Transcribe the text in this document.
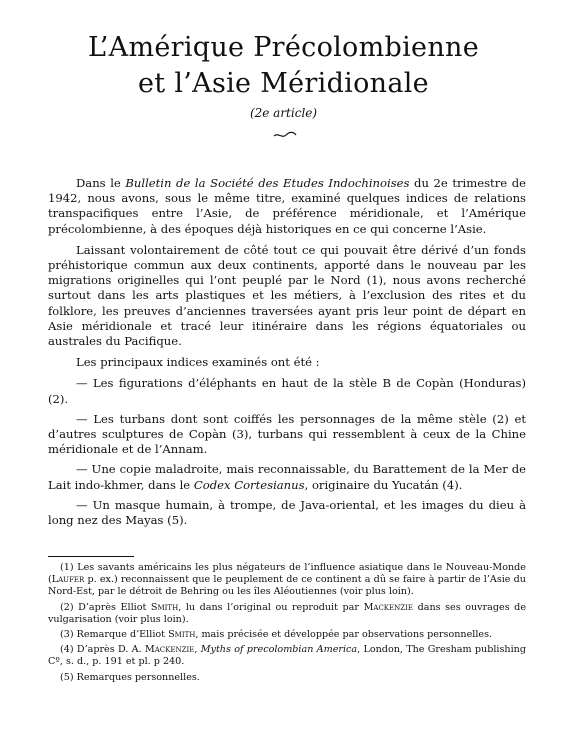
L’Amérique Précolombienne
et l’Asie Méridionale
(2e article)

Dans le Bulletin de la Société des Etudes Indochinoises du 2e trimestre de 1942, nous avons, sous le même titre, examiné quelques indices de relations transpacifiques entre l’Asie, de préférence méridionale, et l’Amérique précolombienne, à des époques déjà historiques en ce qui concerne l’Asie.

Laissant volontairement de côté tout ce qui pouvait être dérivé d’un fonds préhistorique commun aux deux continents, apporté dans le nouveau par les migrations originelles qui l’ont peuplé par le Nord (1), nous avons recherché surtout dans les arts plastiques et les métiers, à l’exclusion des rites et du folklore, les preuves d’anciennes traversées ayant pris leur point de départ en Asie méridionale et tracé leur itinéraire dans les régions équatoriales ou australes du Pacifique.

Les principaux indices examinés ont été :

— Les figurations d’éléphants en haut de la stèle B de Copàn (Honduras) (2).

— Les turbans dont sont coiffés les personnages de la même stèle (2) et d’autres sculptures de Copàn (3), turbans qui ressemblent à ceux de la Chine méridionale et de l’Annam.

— Une copie maladroite, mais reconnaissable, du Barattement de la Mer de Lait indo-khmer, dans le Codex Cortesianus, originaire du Yucatán (4).

— Un masque humain, à trompe, de Java-oriental, et les images du dieu à long nez des Mayas (5).

(1) Les savants américains les plus négateurs de l’influence asiatique dans le Nouveau-Monde (Laufer p. ex.) reconnaissent que le peuplement de ce continent a dû se faire à partir de l’Asie du Nord-Est, par le détroit de Behring ou les îles Aléoutiennes (voir plus loin).

(2) D’après Elliot Smith, lu dans l’original ou reproduit par Mackenzie dans ses ouvrages de vulgarisation (voir plus loin).

(3) Remarque d’Elliot Smith, mais précisée et développée par observations personnelles.

(4) D’après D. A. Mackenzie, Myths of precolombian America, London, The Gresham publishing Cº, s. d., p. 191 et pl. p 240.

(5) Remarques personnelles.
